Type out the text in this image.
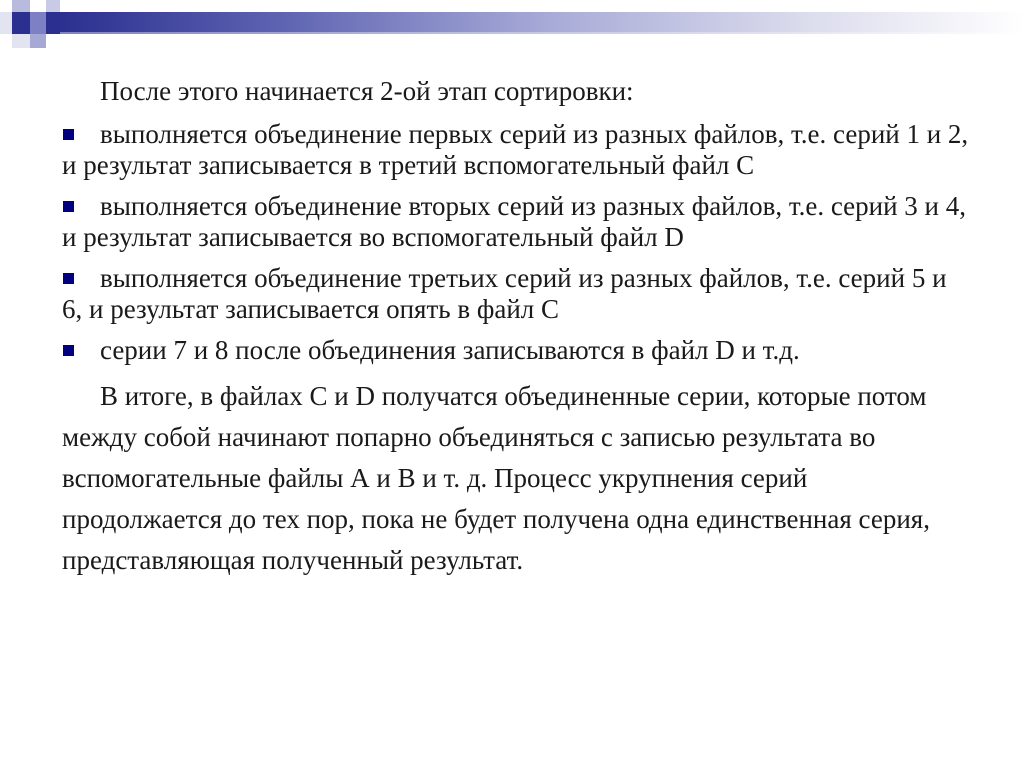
После этого начинается 2-ой этап сортировки:

выполняется объединение первых серий из разных файлов, т.е. серий 1 и 2, и результат записывается в третий вспомогательный файл С
выполняется объединение вторых серий из разных файлов, т.е. серий 3 и 4, и результат записывается во вспомогательный файл D
выполняется объединение третьих серий из разных файлов, т.е. серий 5 и 6, и результат записывается опять в файл С
серии 7 и 8 после объединения записываются в файл D и т.д.

В итоге, в файлах С и D получатся объединенные серии, которые потом между собой начинают попарно объединяться с записью результата во вспомогательные файлы А и В и т. д. Процесс укрупнения серий продолжается до тех пор, пока не будет получена одна единственная серия, представляющая полученный результат.
